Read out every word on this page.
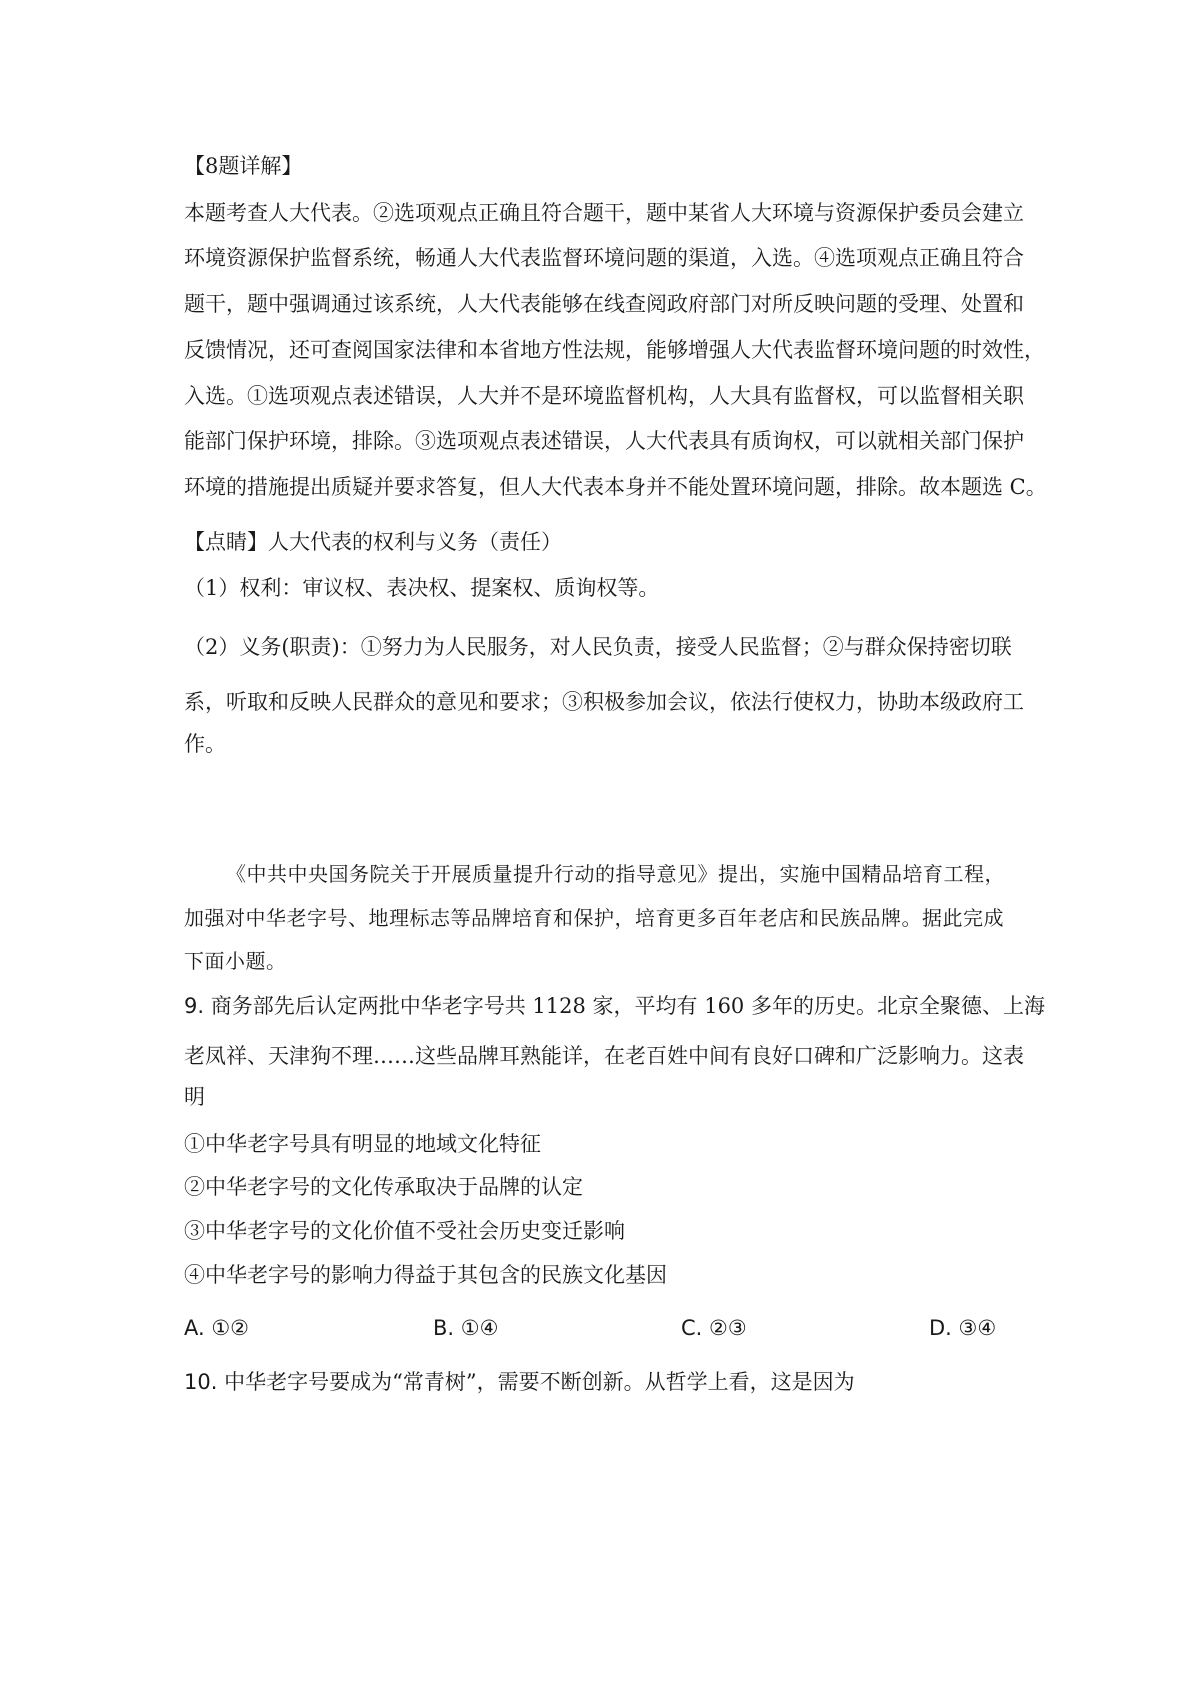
【8题详解】
本题考查人大代表。②选项观点正确且符合题干，题中某省人大环境与资源保护委员会建立
环境资源保护监督系统，畅通人大代表监督环境问题的渠道，入选。④选项观点正确且符合
题干，题中强调通过该系统，人大代表能够在线查阅政府部门对所反映问题的受理、处置和
反馈情况，还可查阅国家法律和本省地方性法规，能够增强人大代表监督环境问题的时效性，
入选。①选项观点表述错误，人大并不是环境监督机构，人大具有监督权，可以监督相关职
能部门保护环境，排除。③选项观点表述错误，人大代表具有质询权，可以就相关部门保护
环境的措施提出质疑并要求答复，但人大代表本身并不能处置环境问题，排除。故本题选 C。
【点睛】人大代表的权利与义务（责任）
（1）权利：审议权、表决权、提案权、质询权等。
（2）义务(职责)：①努力为人民服务，对人民负责，接受人民监督；②与群众保持密切联
系，听取和反映人民群众的意见和要求；③积极参加会议，依法行使权力，协助本级政府工
作。
《中共中央国务院关于开展质量提升行动的指导意见》提出，实施中国精品培育工程，
加强对中华老字号、地理标志等品牌培育和保护，培育更多百年老店和民族品牌。据此完成
下面小题。
9. 商务部先后认定两批中华老字号共 1128 家，平均有 160 多年的历史。北京全聚德、上海
老凤祥、天津狗不理……这些品牌耳熟能详，在老百姓中间有良好口碑和广泛影响力。这表
明
①中华老字号具有明显的地域文化特征
②中华老字号的文化传承取决于品牌的认定
③中华老字号的文化价值不受社会历史变迁影响
④中华老字号的影响力得益于其包含的民族文化基因
A. ①②	B. ①④	C. ②③	D. ③④
10. 中华老字号要成为“常青树”，需要不断创新。从哲学上看，这是因为
